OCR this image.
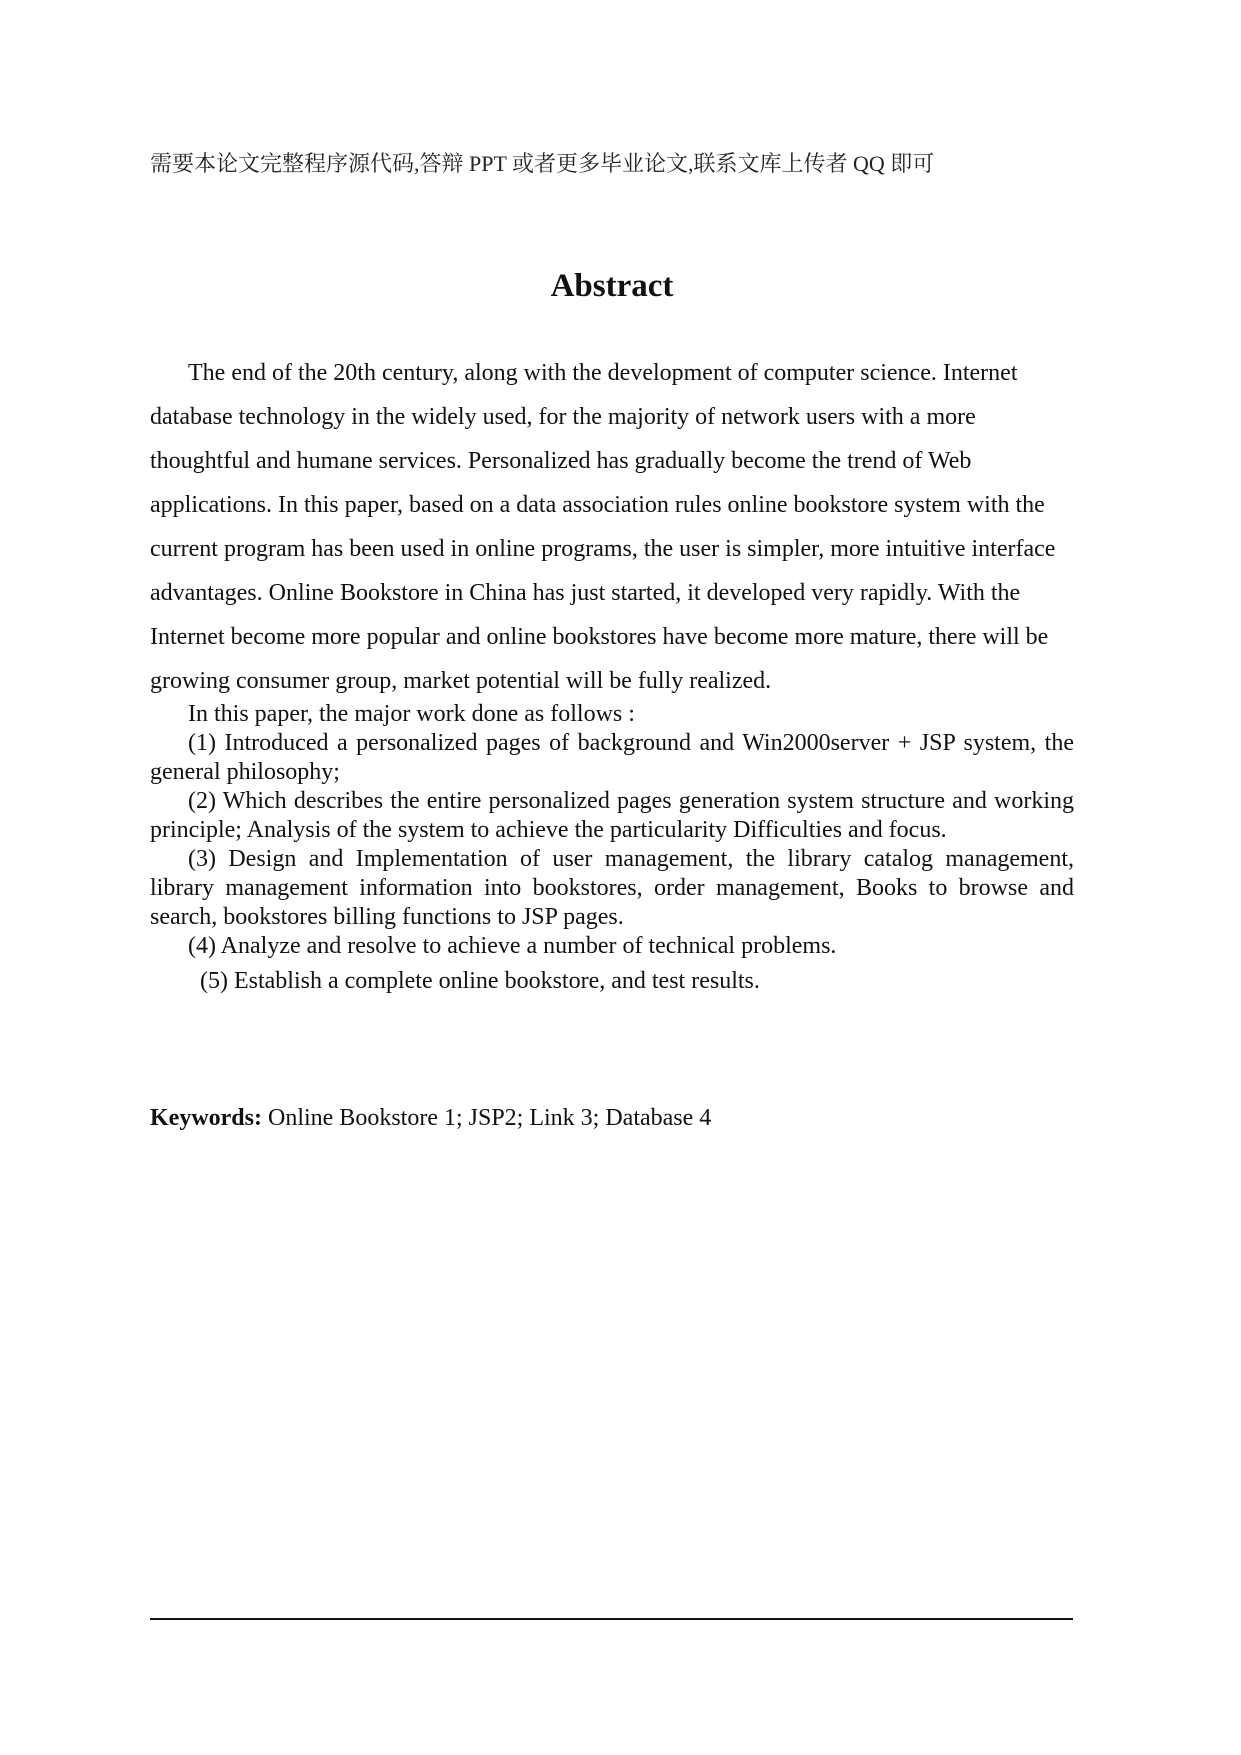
需要本论文完整程序源代码,答辩 PPT 或者更多毕业论文,联系文库上传者 QQ 即可
Abstract

The end of the 20th century, along with the development of computer science. Internet database technology in the widely used, for the majority of network users with a more thoughtful and humane services. Personalized has gradually become the trend of Web applications. In this paper, based on a data association rules online bookstore system with the current program has been used in online programs, the user is simpler, more intuitive interface advantages. Online Bookstore in China has just started, it developed very rapidly. With the Internet become more popular and online bookstores have become more mature, there will be growing consumer group, market potential will be fully realized.

In this paper, the major work done as follows :

(1) Introduced a personalized pages of background and Win2000server + JSP system, the general philosophy;

(2) Which describes the entire personalized pages generation system structure and working principle; Analysis of the system to achieve the particularity Difficulties and focus.

(3) Design and Implementation of user management, the library catalog management, library management information into bookstores, order management, Books to browse and search, bookstores billing functions to JSP pages.

(4) Analyze and resolve to achieve a number of technical problems.

(5) Establish a complete online bookstore, and test results.

Keywords: Online Bookstore 1; JSP2; Link 3; Database 4
